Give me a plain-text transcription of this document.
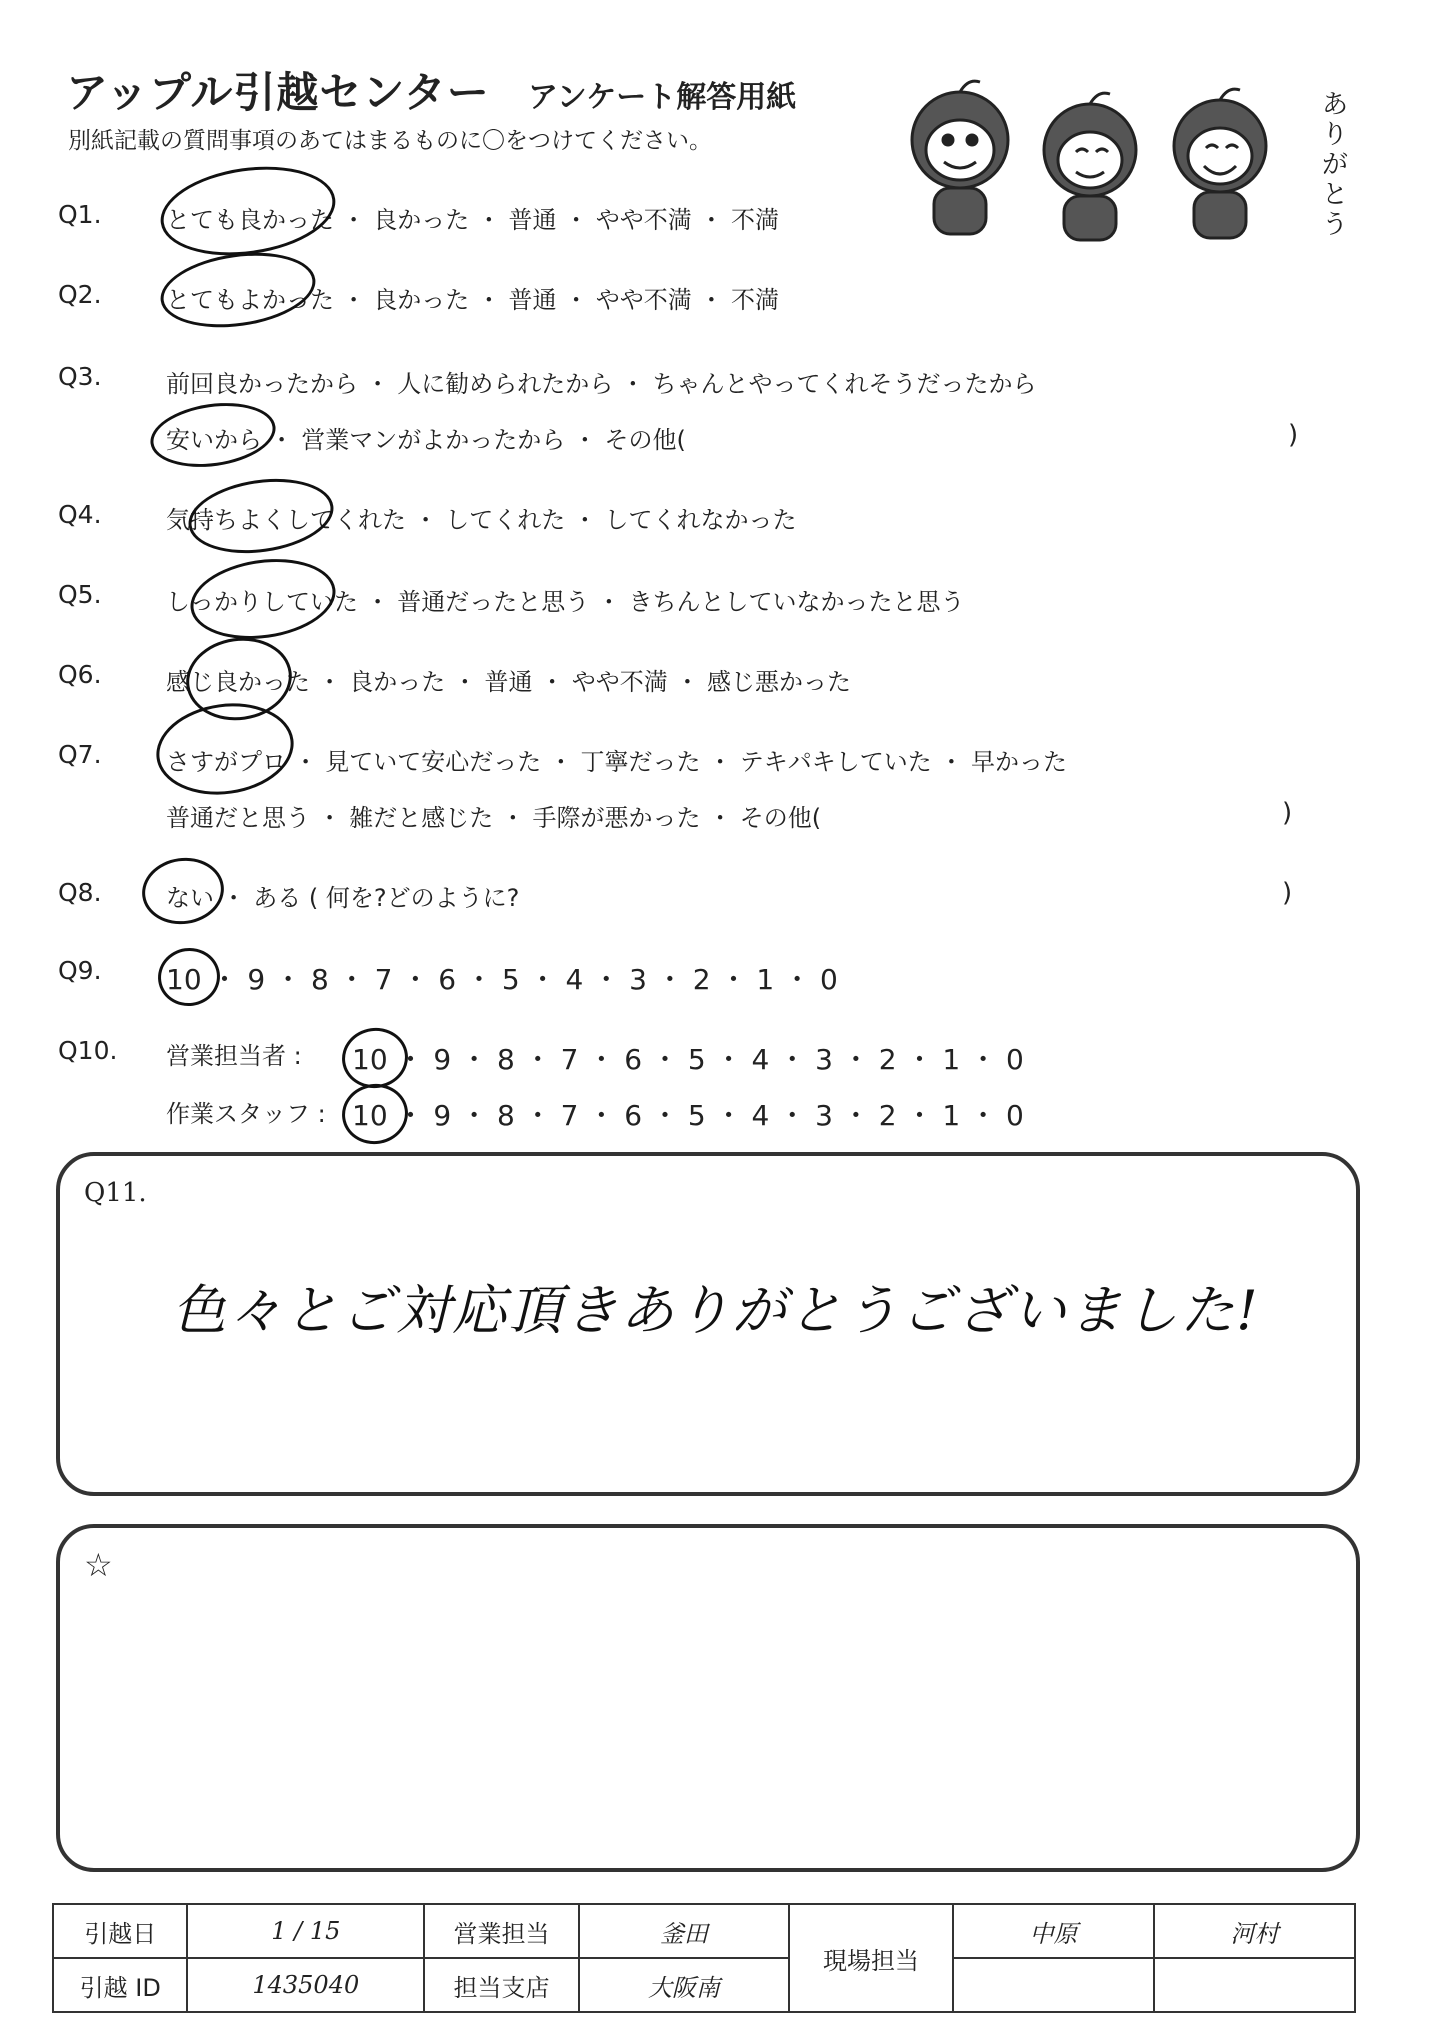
アップル引越センター アンケート解答用紙
別紙記載の質問事項のあてはまるものに〇をつけてください。
ありがとう
Q1.	とても良かった ・ 良かった ・ 普通 ・ やや不満 ・ 不満
Q2.	とてもよかった ・ 良かった ・ 普通 ・ やや不満 ・ 不満
Q3.	前回良かったから ・ 人に勧められたから ・ ちゃんとやってくれそうだったから
安いから ・ 営業マンがよかったから ・ その他(	)
Q4.	気持ちよくしてくれた ・ してくれた ・ してくれなかった
Q5.	しっかりしていた ・ 普通だったと思う ・ きちんとしていなかったと思う
Q6.	感じ良かった ・ 良かった ・ 普通 ・ やや不満 ・ 感じ悪かった
Q7.	さすがプロ ・ 見ていて安心だった ・ 丁寧だった ・ テキパキしていた ・ 早かった
普通だと思う ・ 雑だと感じた ・ 手際が悪かった ・ その他(	)
Q8.	ない ・ ある ( 何を?どのように?	)
Q9. 10 ・ 9 ・ 8 ・ 7 ・ 6 ・ 5 ・ 4 ・ 3 ・ 2 ・ 1 ・ 0
Q10. 営業担当者 : 10 ・ 9 ・ 8 ・ 7 ・ 6 ・ 5 ・ 4 ・ 3 ・ 2 ・ 1 ・ 0
作業スタッフ : 10 ・ 9 ・ 8 ・ 7 ・ 6 ・ 5 ・ 4 ・ 3 ・ 2 ・ 1 ・ 0
Q11.
色々とご対応頂きありがとうございました!
☆
引越日	1 / 15	営業担当	釜田	現場担当	中原	河村
引越 ID	1435040	担当支店	大阪南			
